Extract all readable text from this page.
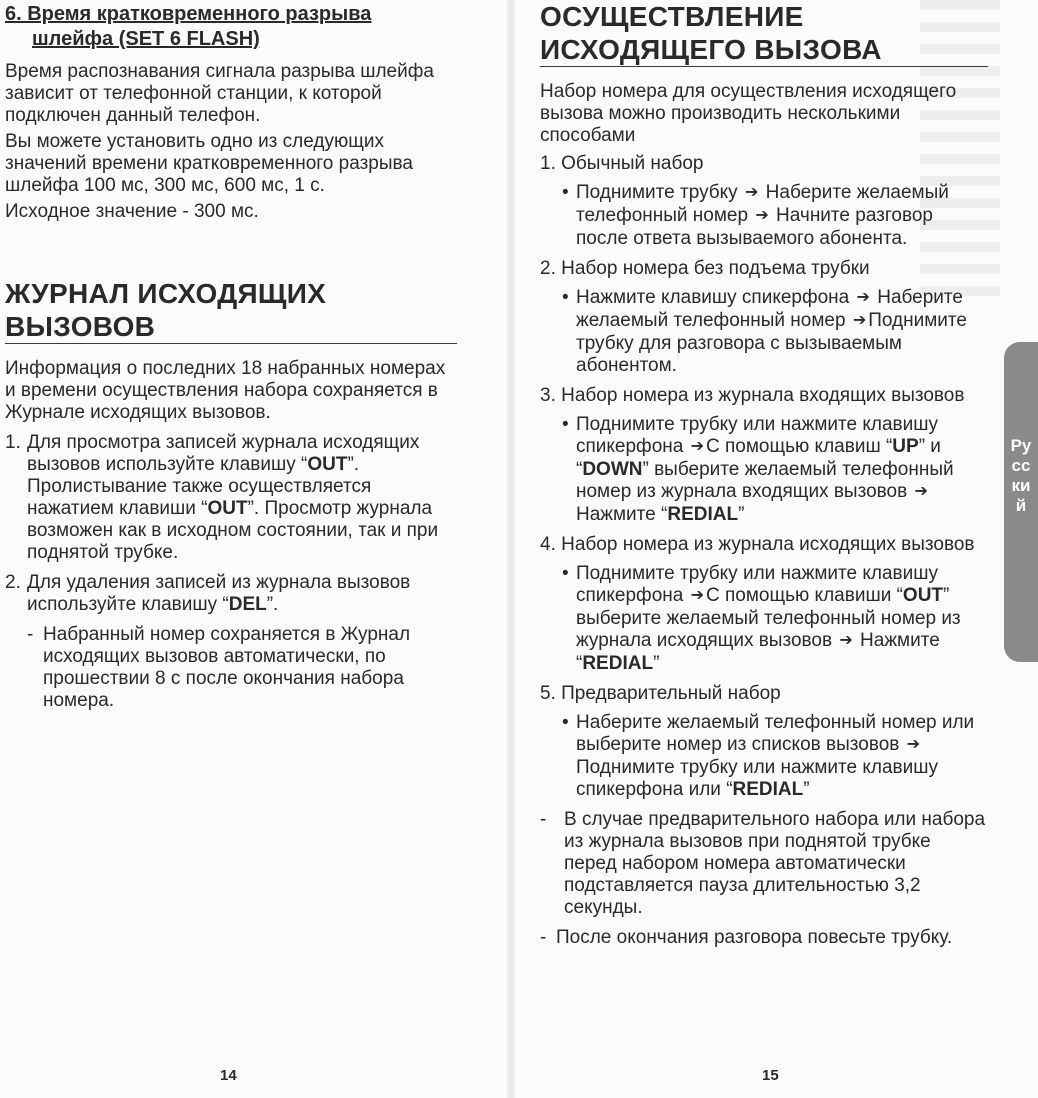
6. Время кратковременного разрыва
шлейфа (SET 6 FLASH)

Время распознавания сигнала разрыва шлейфа зависит от телефонной станции, к которой подключен данный телефон.

Вы можете установить одно из следующих значений времени кратковременного разрыва шлейфа 100 мс, 300 мс, 600 мс, 1 с.

Исходное значение - 300 мс.

ЖУРНАЛ ИСХОДЯЩИХ
ВЫЗОВОВ

Информация о последних 18 набранных номерах и времени осуществления набора сохраняется в Журнале исходящих вызовов.

1. Для просмотра записей журнала исходящих вызовов используйте клавишу “OUT”. Пролистывание также осуществляется нажатием клавиши “OUT”. Просмотр журнала возможен как в исходном состоянии, так и при поднятой трубке.
2. Для удаления записей из журнала вызовов используйте клавишу “DEL”.
- Набранный номер сохраняется в Журнал исходящих вызовов автоматически, по прошествии 8 с после окончания набора номера.
14
ОСУЩЕСТВЛЕНИЕ
ИСХОДЯЩЕГО ВЫЗОВА

Набор номера для осуществления исходящего вызова можно производить несколькими способами

1. Обычный набор
• Поднимите трубку ➔ Наберите желаемый телефонный номер ➔ Начните разговор после ответа вызываемого абонента.
2. Набор номера без подъема трубки
• Нажмите клавишу спикерфона ➔ Наберите желаемый телефонный номер ➔ Поднимите трубку для разговора с вызываемым абонентом.
3. Набор номера из журнала входящих вызовов
• Поднимите трубку или нажмите клавишу спикерфона ➔ С помощью клавиш “UP” и “DOWN” выберите желаемый телефонный номер из журнала входящих вызовов ➔ Нажмите “REDIAL”
4. Набор номера из журнала исходящих вызовов
• Поднимите трубку или нажмите клавишу спикерфона ➔ С помощью клавиши “OUT” выберите желаемый телефонный номер из журнала исходящих вызовов ➔ Нажмите “REDIAL”
5. Предварительный набор
• Наберите желаемый телефонный номер или выберите номер из списков вызовов ➔Поднимите трубку или нажмите клавишу спикерфона или “REDIAL”
- В случае предварительного набора или набора из журнала вызовов при поднятой трубке перед набором номера автоматически подставляется пауза длительностью 3,2 секунды.
- После окончания разговора повесьте трубку.
Русский
15
